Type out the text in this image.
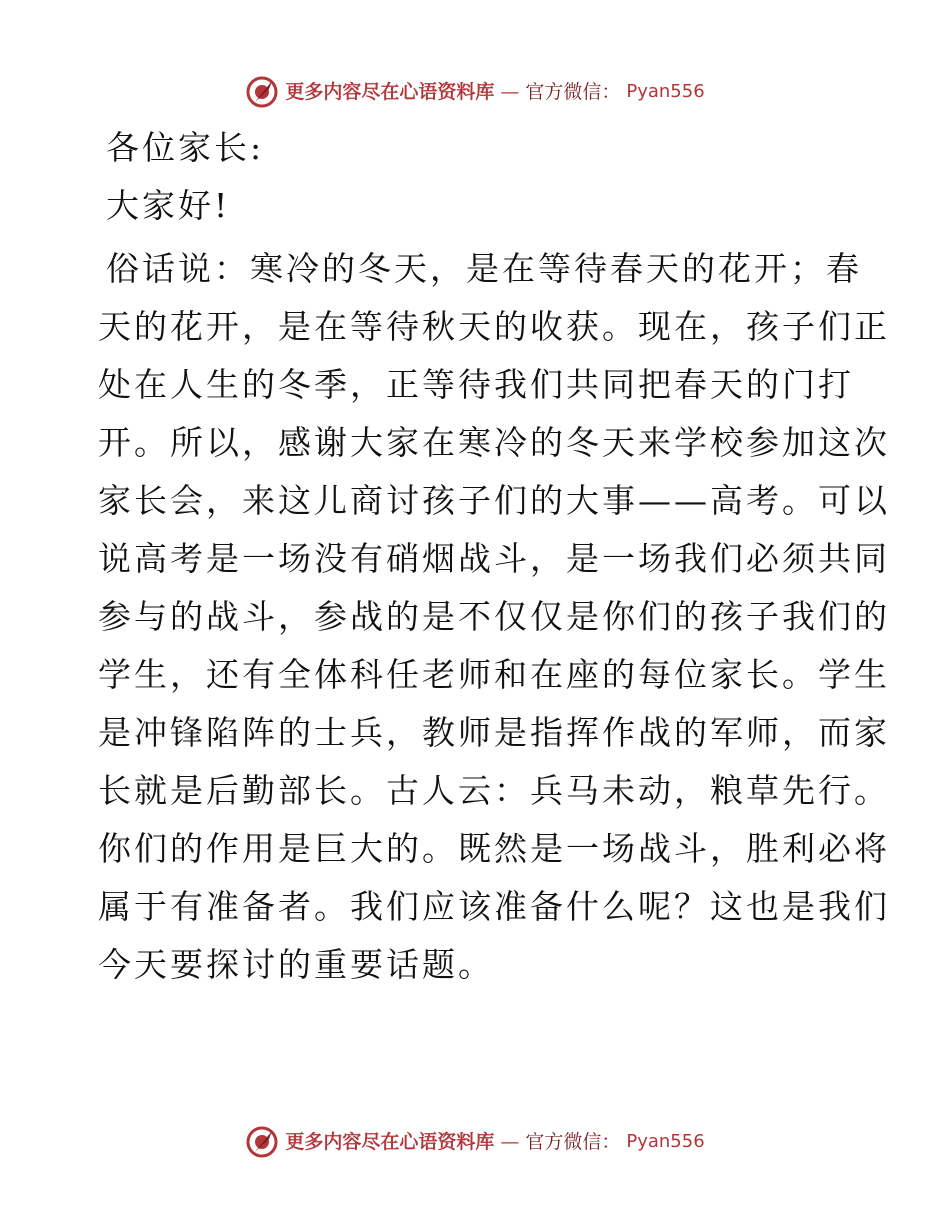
更多内容尽在心语资料库 — 官方微信： Pyan556
各位家长:
大家好!
俗话说：寒冷的冬天，是在等待春天的花开；春
天的花开，是在等待秋天的收获。现在，孩子们正
处在人生的冬季，正等待我们共同把春天的门打
开。所以，感谢大家在寒冷的冬天来学校参加这次
家长会，来这儿商讨孩子们的大事——高考。可以
说高考是一场没有硝烟战斗，是一场我们必须共同
参与的战斗，参战的是不仅仅是你们的孩子我们的
学生，还有全体科任老师和在座的每位家长。学生
是冲锋陷阵的士兵，教师是指挥作战的军师，而家
长就是后勤部长。古人云：兵马未动，粮草先行。
你们的作用是巨大的。既然是一场战斗，胜利必将
属于有准备者。我们应该准备什么呢？这也是我们
今天要探讨的重要话题。
更多内容尽在心语资料库 — 官方微信： Pyan556
